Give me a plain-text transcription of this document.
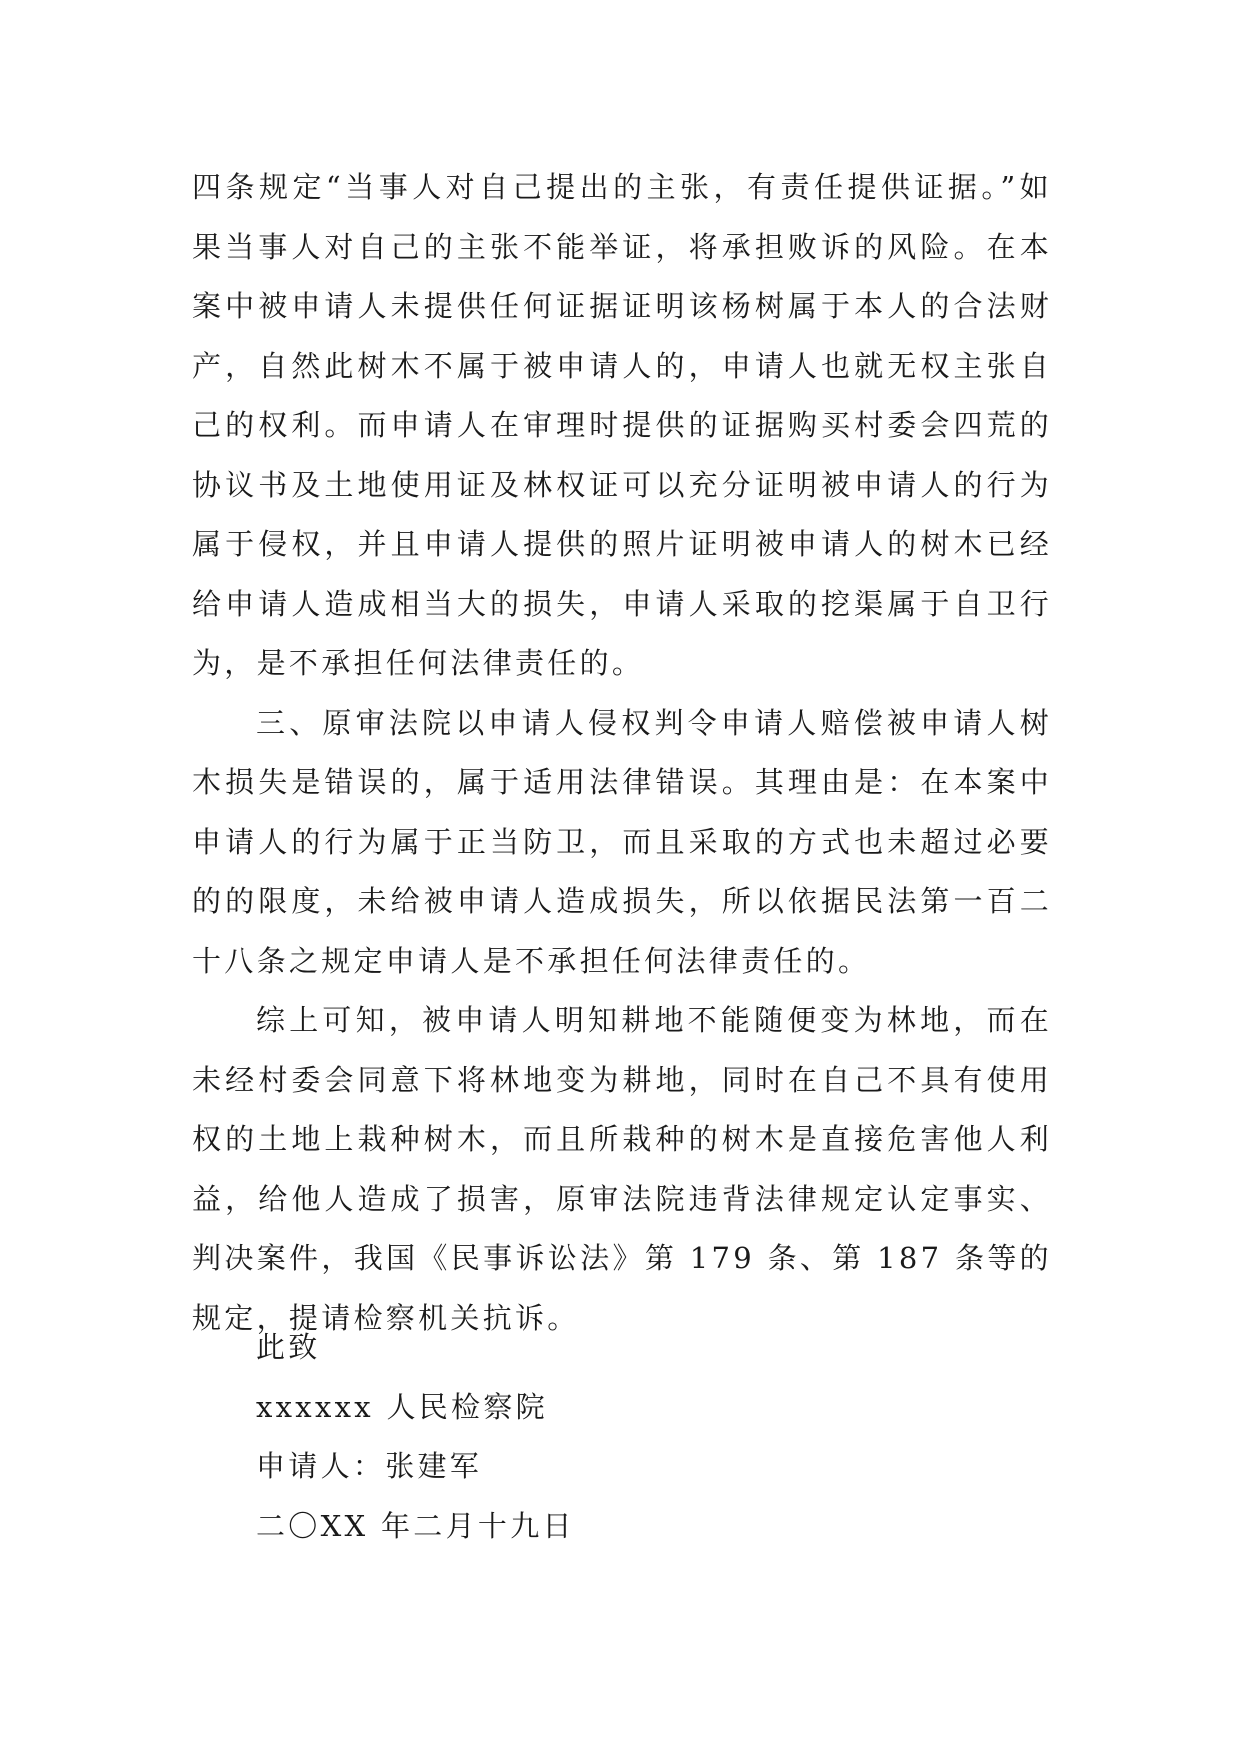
四条规定“当事人对自己提出的主张，有责任提供证据。”如果当事人对自己的主张不能举证，将承担败诉的风险。在本案中被申请人未提供任何证据证明该杨树属于本人的合法财产，自然此树木不属于被申请人的，申请人也就无权主张自己的权利。而申请人在审理时提供的证据购买村委会四荒的协议书及土地使用证及林权证可以充分证明被申请人的行为属于侵权，并且申请人提供的照片证明被申请人的树木已经给申请人造成相当大的损失，申请人采取的挖渠属于自卫行为，是不承担任何法律责任的。

三、原审法院以申请人侵权判令申请人赔偿被申请人树木损失是错误的，属于适用法律错误。其理由是：在本案中申请人的行为属于正当防卫，而且采取的方式也未超过必要的的限度，未给被申请人造成损失，所以依据民法第一百二十八条之规定申请人是不承担任何法律责任的。

综上可知，被申请人明知耕地不能随便变为林地，而在未经村委会同意下将林地变为耕地，同时在自己不具有使用权的土地上栽种树木，而且所栽种的树木是直接危害他人利益，给他人造成了损害，原审法院违背法律规定认定事实、判决案件，我国《民事诉讼法》第 179 条、第 187 条等的规定，提请检察机关抗诉。

此致
xxxxxx 人民检察院
申请人：张建军
二〇XX 年二月十九日
